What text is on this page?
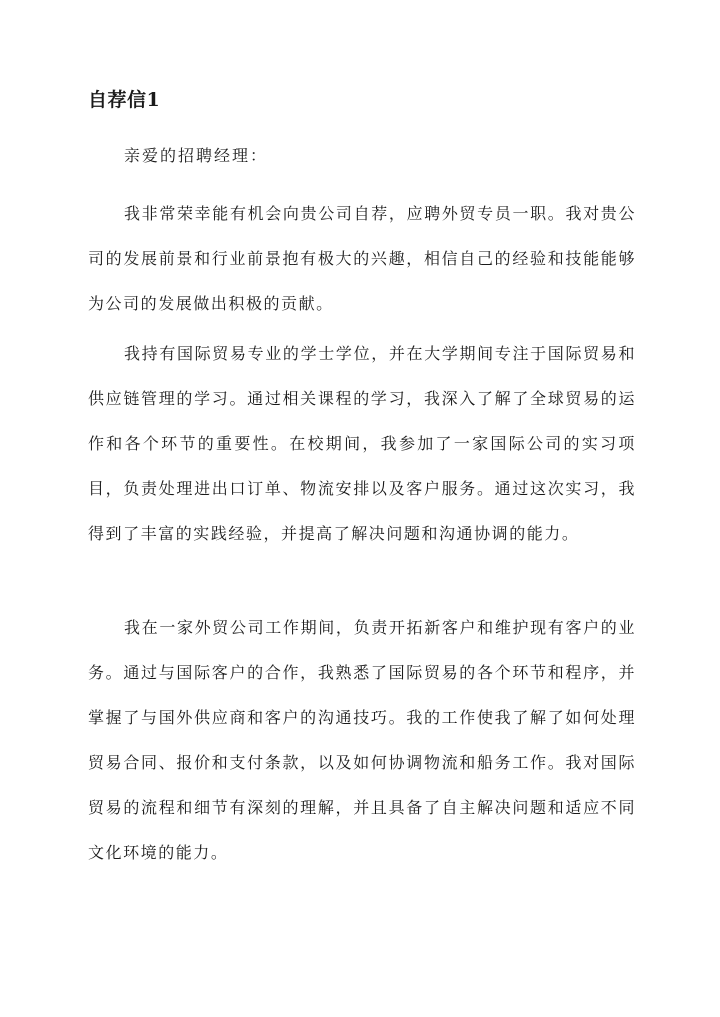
自荐信1

亲爱的招聘经理：

我非常荣幸能有机会向贵公司自荐，应聘外贸专员一职。我对贵公司的发展前景和行业前景抱有极大的兴趣，相信自己的经验和技能能够为公司的发展做出积极的贡献。

我持有国际贸易专业的学士学位，并在大学期间专注于国际贸易和供应链管理的学习。通过相关课程的学习，我深入了解了全球贸易的运作和各个环节的重要性。在校期间，我参加了一家国际公司的实习项目，负责处理进出口订单、物流安排以及客户服务。通过这次实习，我得到了丰富的实践经验，并提高了解决问题和沟通协调的能力。

我在一家外贸公司工作期间，负责开拓新客户和维护现有客户的业务。通过与国际客户的合作，我熟悉了国际贸易的各个环节和程序，并掌握了与国外供应商和客户的沟通技巧。我的工作使我了解了如何处理贸易合同、报价和支付条款，以及如何协调物流和船务工作。我对国际贸易的流程和细节有深刻的理解，并且具备了自主解决问题和适应不同文化环境的能力。
